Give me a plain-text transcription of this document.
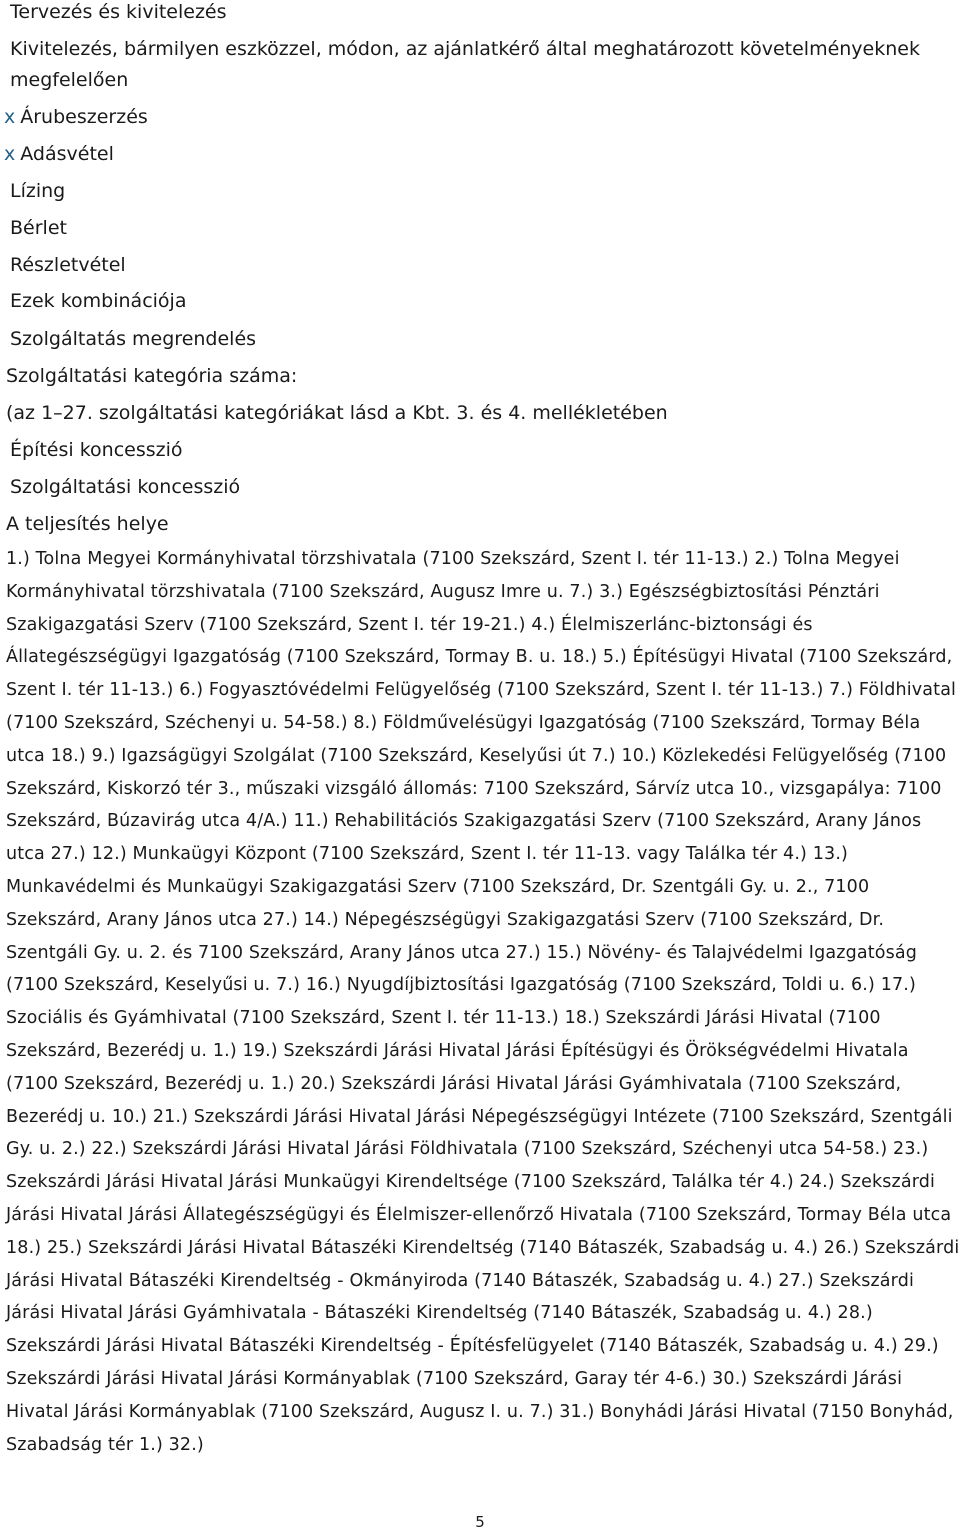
Tervezés és kivitelezés
Kivitelezés, bármilyen eszközzel, módon, az ajánlatkérő által meghatározott követelményeknek
megfelelően
x Árubeszerzés
x Adásvétel
Lízing
Bérlet
Részletvétel
Ezek kombinációja
Szolgáltatás megrendelés
Szolgáltatási kategória száma:
(az 1–27. szolgáltatási kategóriákat lásd a Kbt. 3. és 4. mellékletében
Építési koncesszió
Szolgáltatási koncesszió
A teljesítés helye
1.) Tolna Megyei Kormányhivatal törzshivatala (7100 Szekszárd, Szent I. tér 11-13.) 2.) Tolna Megyei Kormányhivatal törzshivatala (7100 Szekszárd, Augusz Imre u. 7.) 3.) Egészségbiztosítási Pénztári Szakigazgatási Szerv (7100 Szekszárd, Szent I. tér 19-21.) 4.) Élelmiszerlánc-biztonsági és Állategészségügyi Igazgatóság (7100 Szekszárd, Tormay B. u. 18.) 5.) Építésügyi Hivatal (7100 Szekszárd, Szent I. tér 11-13.) 6.) Fogyasztóvédelmi Felügyelőség (7100 Szekszárd, Szent I. tér 11-13.) 7.) Földhivatal (7100 Szekszárd, Széchenyi u. 54-58.) 8.) Földművelésügyi Igazgatóság (7100 Szekszárd, Tormay Béla utca 18.) 9.) Igazságügyi Szolgálat (7100 Szekszárd, Keselyűsi út 7.) 10.) Közlekedési Felügyelőség (7100 Szekszárd, Kiskorzó tér 3., műszaki vizsgáló állomás: 7100 Szekszárd, Sárvíz utca 10., vizsgapálya: 7100 Szekszárd, Búzavirág utca 4/A.) 11.) Rehabilitációs Szakigazgatási Szerv (7100 Szekszárd, Arany János utca 27.) 12.) Munkaügyi Központ (7100 Szekszárd, Szent I. tér 11-13. vagy Találka tér 4.) 13.) Munkavédelmi és Munkaügyi Szakigazgatási Szerv (7100 Szekszárd, Dr. Szentgáli Gy. u. 2., 7100 Szekszárd, Arany János utca 27.) 14.) Népegészségügyi Szakigazgatási Szerv (7100 Szekszárd, Dr. Szentgáli Gy. u. 2. és 7100 Szekszárd, Arany János utca 27.) 15.) Növény- és Talajvédelmi Igazgatóság (7100 Szekszárd, Keselyűsi u. 7.) 16.) Nyugdíjbiztosítási Igazgatóság (7100 Szekszárd, Toldi u. 6.) 17.) Szociális és Gyámhivatal (7100 Szekszárd, Szent I. tér 11-13.) 18.) Szekszárdi Járási Hivatal (7100 Szekszárd, Bezerédj u. 1.) 19.) Szekszárdi Járási Hivatal Járási Építésügyi és Örökségvédelmi Hivatala (7100 Szekszárd, Bezerédj u. 1.) 20.) Szekszárdi Járási Hivatal Járási Gyámhivatala (7100 Szekszárd, Bezerédj u. 10.) 21.) Szekszárdi Járási Hivatal Járási Népegészségügyi Intézete (7100 Szekszárd, Szentgáli Gy. u. 2.) 22.) Szekszárdi Járási Hivatal Járási Földhivatala (7100 Szekszárd, Széchenyi utca 54-58.) 23.) Szekszárdi Járási Hivatal Járási Munkaügyi Kirendeltsége (7100 Szekszárd, Találka tér 4.) 24.) Szekszárdi Járási Hivatal Járási Állategészségügyi és Élelmiszer-ellenőrző Hivatala (7100 Szekszárd, Tormay Béla utca 18.) 25.) Szekszárdi Járási Hivatal Bátaszéki Kirendeltség (7140 Bátaszék, Szabadság u. 4.) 26.) Szekszárdi Járási Hivatal Bátaszéki Kirendeltség - Okmányiroda (7140 Bátaszék, Szabadság u. 4.) 27.) Szekszárdi Járási Hivatal Járási Gyámhivatala - Bátaszéki Kirendeltség (7140 Bátaszék, Szabadság u. 4.) 28.) Szekszárdi Járási Hivatal Bátaszéki Kirendeltség - Építésfelügyelet (7140 Bátaszék, Szabadság u. 4.) 29.) Szekszárdi Járási Hivatal Járási Kormányablak (7100 Szekszárd, Garay tér 4-6.) 30.) Szekszárdi Járási Hivatal Járási Kormányablak (7100 Szekszárd, Augusz I. u. 7.) 31.) Bonyhádi Járási Hivatal (7150 Bonyhád, Szabadság tér 1.) 32.)
5
